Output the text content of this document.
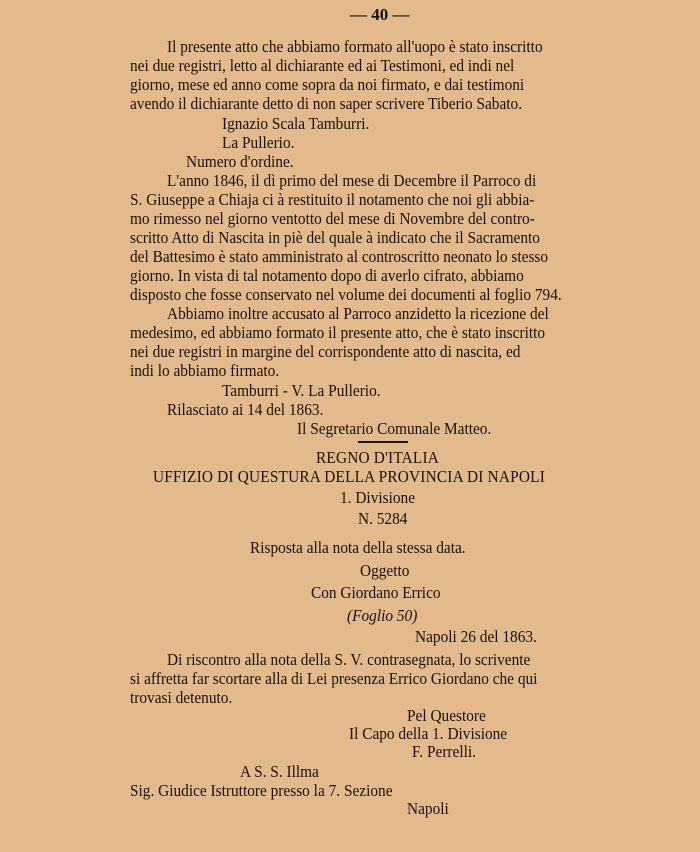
— 40 —
Il presente atto che abbiamo formato all'uopo è stato inscritto
nei due registri, letto al dichiarante ed ai Testimoni, ed indi nel
giorno, mese ed anno come sopra da noi firmato, e dai testimoni
avendo il dichiarante detto di non saper scrivere Tiberio Sabato.
Ignazio Scala Tamburri.
La Pullerio.
Numero d'ordine.
L'anno 1846, il dì primo del mese di Decembre il Parroco di
S. Giuseppe a Chiaja ci à restituito il notamento che noi gli abbia-
mo rimesso nel giorno ventotto del mese di Novembre del contro-
scritto Atto di Nascita in piè del quale à indicato che il Sacramento
del Battesimo è stato amministrato al controscritto neonato lo stesso
giorno. In vista di tal notamento dopo di averlo cifrato, abbiamo
disposto che fosse conservato nel volume dei documenti al foglio 794.
Abbiamo inoltre accusato al Parroco anzidetto la ricezione del
medesimo, ed abbiamo formato il presente atto, che è stato inscritto
nei due registri in margine del corrispondente atto di nascita, ed
indi lo abbiamo firmato.
Tamburri - V. La Pullerio.
Rilasciato ai 14 del 1863.
Il Segretario Comunale Matteo.
REGNO D'ITALIA
UFFIZIO DI QUESTURA DELLA PROVINCIA DI NAPOLI
1. Divisione
N. 5284
Risposta alla nota della stessa data.
Oggetto
Con Giordano Errico
(Foglio 50)
Napoli 26 del 1863.
Di riscontro alla nota della S. V. contrasegnata, lo scrivente
si affretta far scortare alla di Lei presenza Errico Giordano che qui
trovasi detenuto.
Pel Questore
Il Capo della 1. Divisione
F. Perrelli.
A S. S. Illma
Sig. Giudice Istruttore presso la 7. Sezione
Napoli
